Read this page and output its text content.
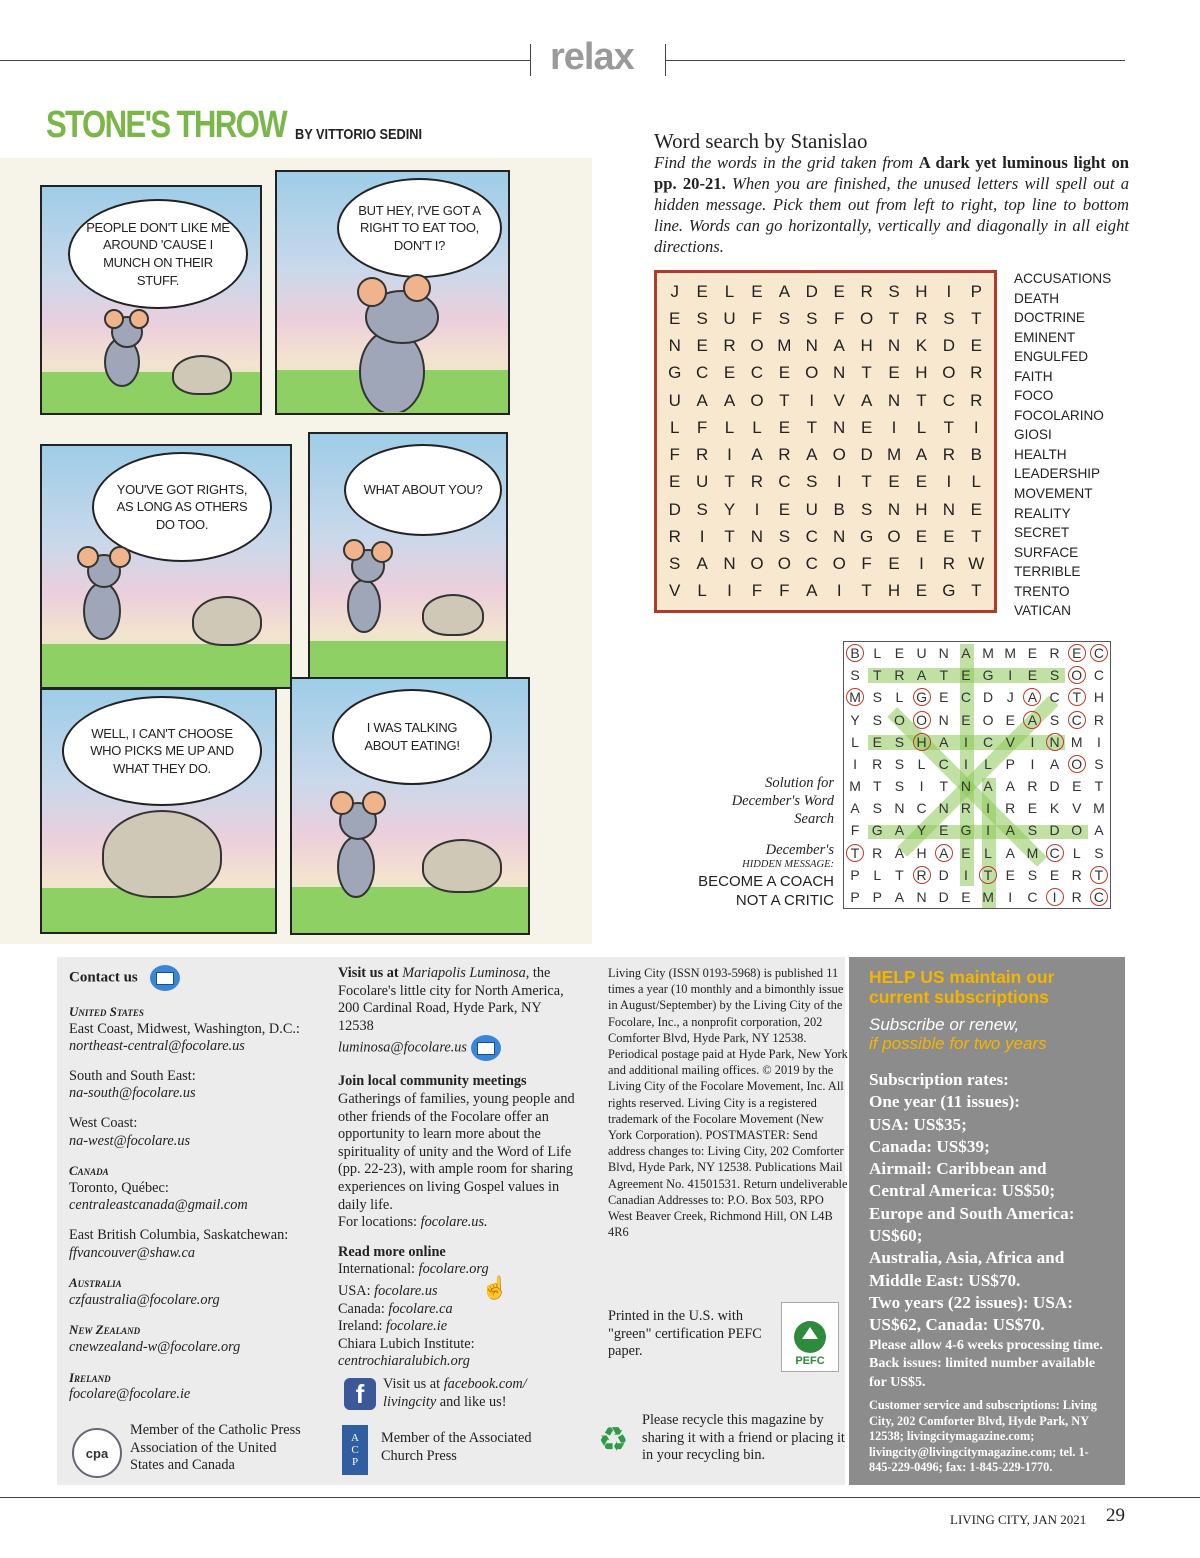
relax
STONE'S THROW BY VITTORIO SEDINI
PEOPLE DON'T LIKE ME AROUND 'CAUSE I MUNCH ON THEIR STUFF.
BUT HEY, I'VE GOT A RIGHT TO EAT TOO, DON'T I?
YOU'VE GOT RIGHTS, AS LONG AS OTHERS DO TOO.
WHAT ABOUT YOU?
WELL, I CAN'T CHOOSE WHO PICKS ME UP AND WHAT THEY DO.
I WAS TALKING ABOUT EATING!
Word search by Stanislao
Find the words in the grid taken from A dark yet luminous light on pp. 20-21. When you are finished, the unused letters will spell out a hidden message. Pick them out from left to right, top line to bottom line. Words can go horizontally, vertically and diagonally in all eight directions.
J	E	L	E A D E R S H	I	P
E S U F S S F O T R S T
N E R O M N A H N K D E
G C E C E O N T E H O R
U A A O T	I	V A N T C R
L	F	L	L	E T N E	I	L	T	I
F R	I	A R A O D M A R B
E U T R C S	I	T E E	I	L
D S Y	I	E U B S N H N E
R	I	T N S C N G O E E T
S A N O O C O F E	I	R W
V	L	I	F	F A	I	T H E G T
ACCUSATIONS
DEATH
DOCTRINE
EMINENT
ENGULFED
FAITH
FOCO
FOCOLARINO
GIOSI
HEALTH
LEADERSHIP
MOVEMENT
REALITY
SECRET
SURFACE
TERRIBLE
TRENTO
VATICAN
Solution for December's Word Search
December's
HIDDEN MESSAGE:
BECOME A COACH
NOT A CRITIC
B L E U N A M M E R E C
S T R A T E G	I	E S O C
M S L G E C D J	A C T H
Y S O O N E O E A S C R
L E S H A	I	C V	I	N M	I
I	R S L C	I	L P	I	A O S
M T S	I	T N A A R D E T
A S N C N R	I	R E K V M
F G A Y E G	I	A S D O A
T R A H A E L A M C L S
P L T R D	I	T E S E R T
P P A N D E M	I	C	I	R C
Contact us
United States
East Coast, Midwest, Washington, D.C.:
northeast-central@focolare.us
South and South East:
na-south@focolare.us
West Coast:
na-west@focolare.us
Canada
Toronto, Québec:
centraleastcanada@gmail.com
East British Columbia, Saskatchewan:
ffvancouver@shaw.ca
Australia
czfaustralia@focolare.org
New Zealand
cnewzealand-w@focolare.org
Ireland
focolare@focolare.ie
cpa
Member of the Catholic Press Association of the United States and Canada
Visit us at Mariapolis Luminosa, the Focolare's little city for North America, 200 Cardinal Road, Hyde Park, NY 12538
luminosa@focolare.us
Join local community meetings
Gatherings of families, young people and other friends of the Focolare offer an opportunity to learn more about the spirituality of unity and the Word of Life (pp. 22-23), with ample room for sharing experiences on living Gospel values in daily life.
For locations: focolare.us.
Read more online
International: focolare.org
USA: focolare.us ☝
Canada: focolare.ca
Ireland: focolare.ie
Chiara Lubich Institute:
centrochiaralubich.org
f	Visit us at facebook.com/ livingcity and like us!
ACP	Member of the Associated Church Press
Living City (ISSN 0193-5968) is published 11 times a year (10 monthly and a bimonthly issue in August/September) by the Living City of the Focolare, Inc., a nonprofit corporation, 202 Comforter Blvd, Hyde Park, NY 12538. Periodical postage paid at Hyde Park, New York and additional mailing offices. © 2019 by the Living City of the Focolare Movement, Inc. All rights reserved. Living City is a registered trademark of the Focolare Movement (New York Corporation). POSTMASTER: Send address changes to: Living City, 202 Comforter Blvd, Hyde Park, NY 12538. Publications Mail Agreement No. 41501531. Return undeliverable Canadian Addresses to: P.O. Box 503, RPO West Beaver Creek, Richmond Hill, ON L4B 4R6
Printed in the U.S. with "green" certification PEFC paper.
PEFC
♻
Please recycle this magazine by sharing it with a friend or placing it in your recycling bin.
HELP US maintain our current subscriptions
Subscribe or renew,
if possible for two years
Subscription rates:
One year (11 issues):
USA: US$35;
Canada: US$39;
Airmail: Caribbean and Central America: US$50;
Europe and South America: US$60;
Australia, Asia, Africa and Middle East: US$70.
Two years (22 issues): USA: US$62, Canada: US$70.
Please allow 4-6 weeks processing time. Back issues: limited number available for US$5.
Customer service and subscriptions: Living City, 202 Comforter Blvd, Hyde Park, NY 12538; livingcitymagazine.com; livingcity@livingcitymagazine.com; tel. 1-845-229-0496; fax: 1-845-229-1770.
LIVING CITY, JAN 2021 29
